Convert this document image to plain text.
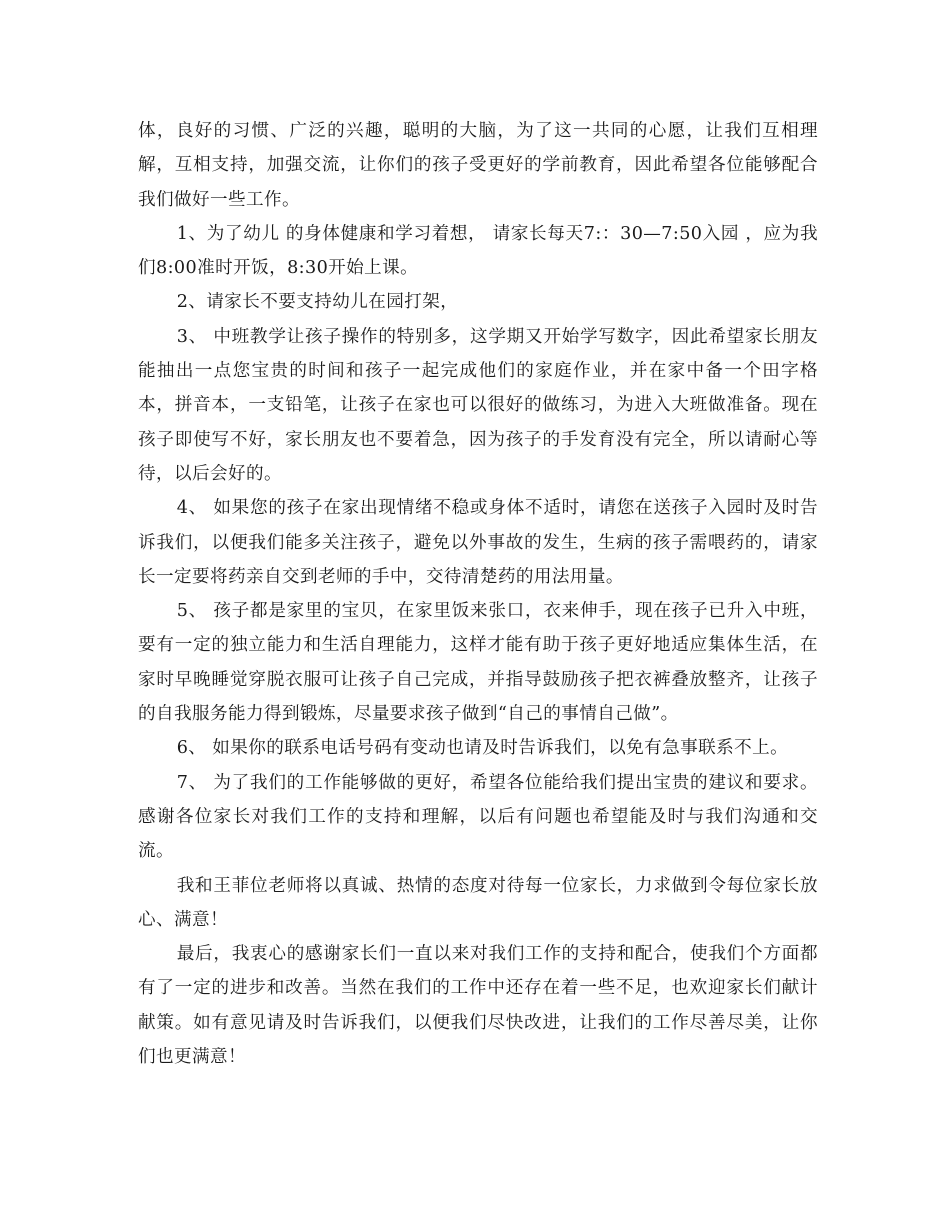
体，良好的习惯、广泛的兴趣，聪明的大脑，为了这一共同的心愿，让我们互相理解，互相支持，加强交流，让你们的孩子受更好的学前教育，因此希望各位能够配合我们做好一些工作。

1、为了幼儿 的身体健康和学习着想， 请家长每天7:：30—7:50入园 ，应为我们8:00准时开饭，8:30开始上课。

2、请家长不要支持幼儿在园打架，

3、 中班教学让孩子操作的特别多，这学期又开始学写数字，因此希望家长朋友能抽出一点您宝贵的时间和孩子一起完成他们的家庭作业，并在家中备一个田字格本，拼音本，一支铅笔，让孩子在家也可以很好的做练习，为进入大班做准备。现在孩子即使写不好，家长朋友也不要着急，因为孩子的手发育没有完全，所以请耐心等待，以后会好的。

4、 如果您的孩子在家出现情绪不稳或身体不适时，请您在送孩子入园时及时告诉我们，以便我们能多关注孩子，避免以外事故的发生，生病的孩子需喂药的，请家长一定要将药亲自交到老师的手中，交待清楚药的用法用量。

5、 孩子都是家里的宝贝，在家里饭来张口，衣来伸手，现在孩子已升入中班，要有一定的独立能力和生活自理能力，这样才能有助于孩子更好地适应集体生活，在家时早晚睡觉穿脱衣服可让孩子自己完成，并指导鼓励孩子把衣裤叠放整齐，让孩子的自我服务能力得到锻炼，尽量要求孩子做到“自己的事情自己做”。

6、 如果你的联系电话号码有变动也请及时告诉我们，以免有急事联系不上。

7、 为了我们的工作能够做的更好，希望各位能给我们提出宝贵的建议和要求。感谢各位家长对我们工作的支持和理解，以后有问题也希望能及时与我们沟通和交流。

我和王菲位老师将以真诚、热情的态度对待每一位家长，力求做到令每位家长放心、满意！

最后，我衷心的感谢家长们一直以来对我们工作的支持和配合，使我们个方面都有了一定的进步和改善。当然在我们的工作中还存在着一些不足，也欢迎家长们献计献策。如有意见请及时告诉我们，以便我们尽快改进，让我们的工作尽善尽美，让你们也更满意！
